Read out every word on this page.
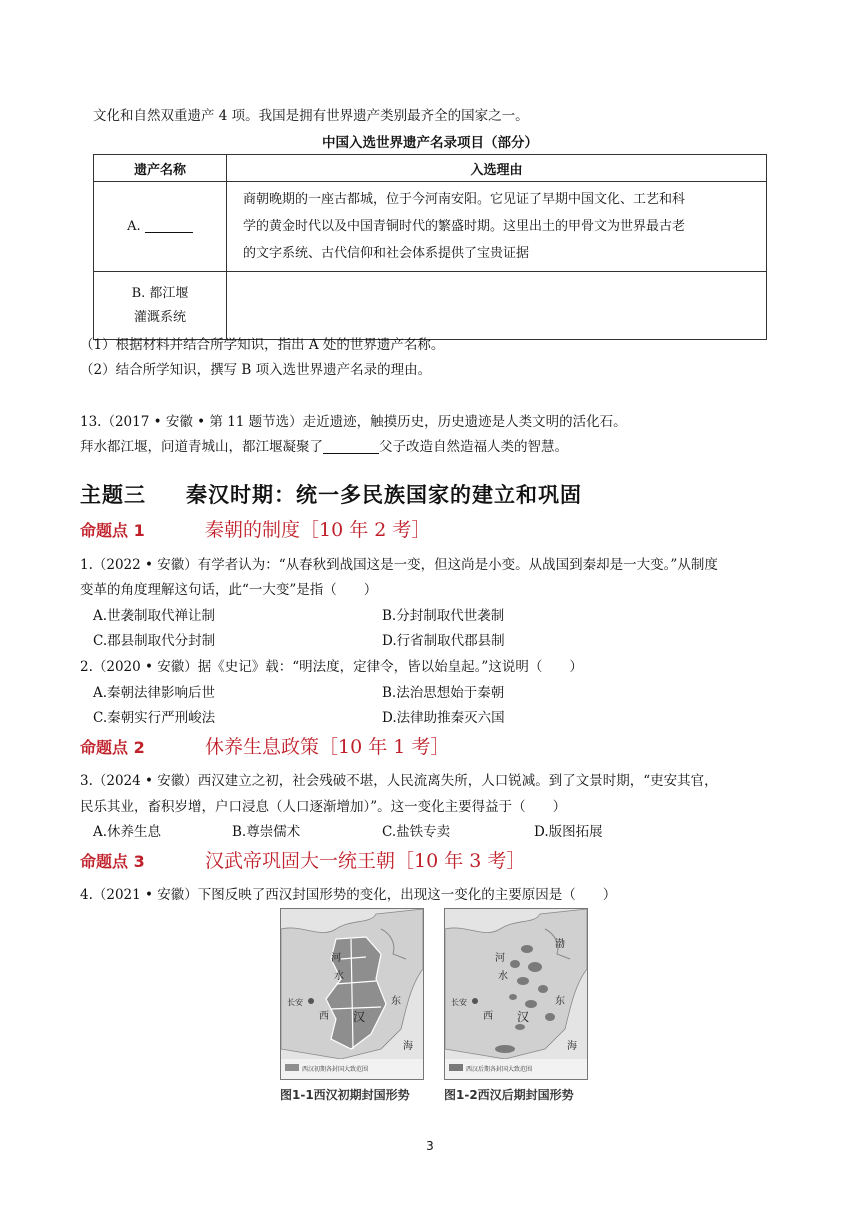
文化和自然双重遗产 4 项。我国是拥有世界遗产类别最齐全的国家之一。
中国入选世界遗产名录项目（部分）
遗产名称	入选理由
A.	商朝晚期的一座古都城，位于今河南安阳。它见证了早期中国文化、工艺和科
学的黄金时代以及中国青铜时代的繁盛时期。这里出土的甲骨文为世界最古老
的文字系统、古代信仰和社会体系提供了宝贵证据

B. 都江堰
灌溉系统	

（1）根据材料并结合所学知识，指出 A 处的世界遗产名称。
（2）结合所学知识，撰写 B 项入选世界遗产名录的理由。
13.（2017 • 安徽 • 第 11 题节选）走近遗迹，触摸历史，历史遗迹是人类文明的活化石。
拜水都江堰，问道青城山，都江堰凝聚了	父子改造自然造福人类的智慧。
主题三 秦汉时期：统一多民族国家的建立和巩固
命题点 1	秦朝的制度［10 年 2 考］
1.（2022 • 安徽）有学者认为：“从春秋到战国这是一变，但这尚是小变。从战国到秦却是一大变。”从制度
变革的角度理解这句话，此“一大变”是指（　　）
A.世袭制取代禅让制	B.分封制取代世袭制
C.郡县制取代分封制	D.行省制取代郡县制
2.（2020 • 安徽）据《史记》载：“明法度，定律令，皆以始皇起。”这说明（　　）
A.秦朝法律影响后世	B.法治思想始于秦朝
C.秦朝实行严刑峻法	D.法律助推秦灭六国
命题点 2	休养生息政策［10 年 1 考］
3.（2024 • 安徽）西汉建立之初，社会残破不堪，人民流离失所，人口锐减。到了文景时期，“吏安其官，
民乐其业，畜积岁增，户口浸息（人口逐渐增加）”。这一变化主要得益于（　　）
A.休养生息	B.尊崇儒术	C.盐铁专卖	D.版图拓展
命题点 3	汉武帝巩固大一统王朝［10 年 3 考］
4.（2021 • 安徽）下图反映了西汉封国形势的变化，出现这一变化的主要原因是（　　）
长安
河
水
西 汉
东
海
西汉初期各封国大致范围
长安
河
水
西 汉
东
海
渤
西汉后期各封国大致范围
图1-1西汉初期封国形势	图1-2西汉后期封国形势
3
